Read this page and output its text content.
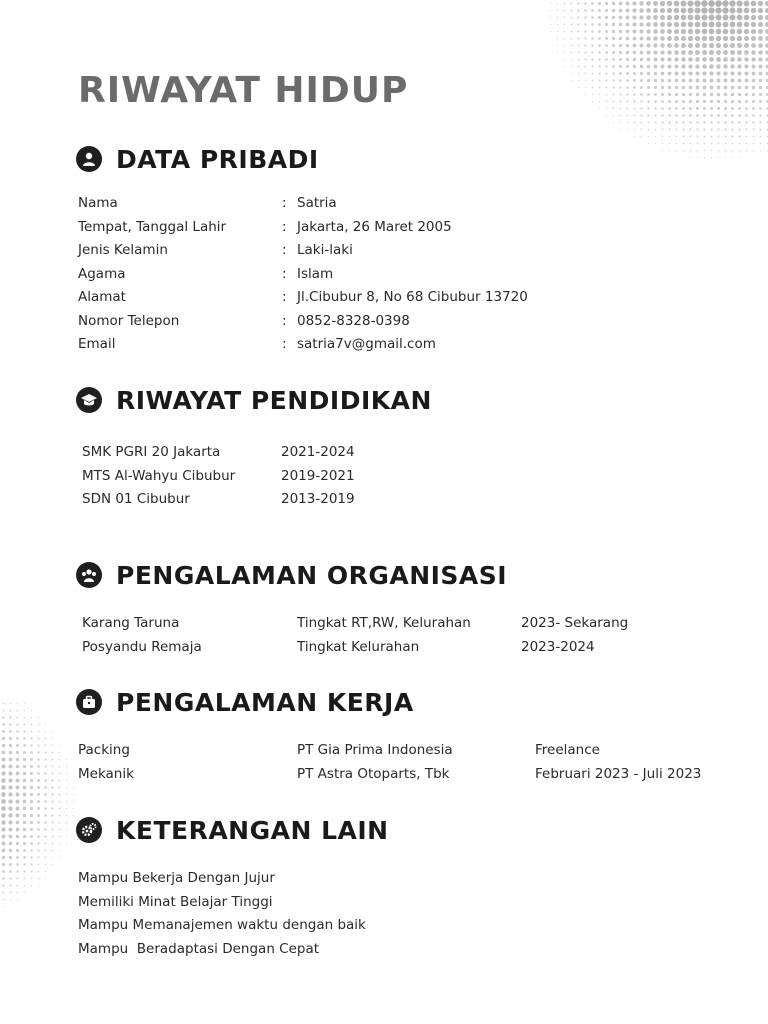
RIWAYAT HIDUP
DATA PRIBADI
Nama	: Satria
Tempat, Tanggal Lahir	: Jakarta, 26 Maret 2005
Jenis Kelamin	: Laki-laki
Agama	: Islam
Alamat	: Jl.Cibubur 8, No 68 Cibubur 13720
Nomor Telepon	: 0852-8328-0398
Email	: satria7v@gmail.com
RIWAYAT PENDIDIKAN
SMK PGRI 20 Jakarta	2021-2024
MTS Al-Wahyu Cibubur	2019-2021
SDN 01 Cibubur	2013-2019
PENGALAMAN ORGANISASI
Karang Taruna	Tingkat RT,RW, Kelurahan	2023- Sekarang
Posyandu Remaja	Tingkat Kelurahan	2023-2024
PENGALAMAN KERJA
Packing	PT Gia Prima Indonesia	Freelance
Mekanik	PT Astra Otoparts, Tbk	Februari 2023 - Juli 2023
KETERANGAN LAIN
Mampu Bekerja Dengan Jujur
Memiliki Minat Belajar Tinggi
Mampu Memanajemen waktu dengan baik
Mampu  Beradaptasi Dengan Cepat
